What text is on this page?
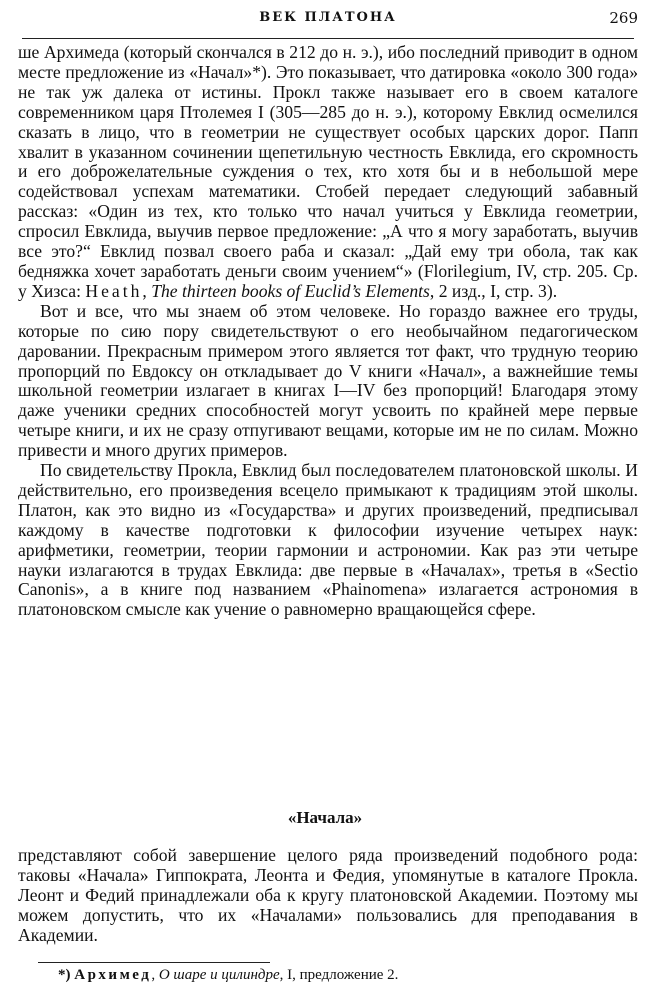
ВЕК ПЛАТОНА	269

ше Архимеда (который скончался в 212 до н. э.), ибо последний приводит в одном месте предложение из «Начал»*). Это показывает, что датировка «около 300 года» не так уж далека от истины. Прокл также называет его в своем каталоге современником царя Птолемея I (305—285 до н. э.), которому Евклид осмелился сказать в лицо, что в геометрии не существует особых царских дорог. Папп хвалит в указанном сочинении щепетильную честность Евклида, его скромность и его доброжелательные суждения о тех, кто хотя бы и в небольшой мере содействовал успехам математики. Стобей передает следующий забавный рассказ: «Один из тех, кто только что начал учиться у Евклида геометрии, спросил Евклида, выучив первое предложение: „А что я могу заработать, выучив все это?“ Евклид позвал своего раба и сказал: „Дай ему три обола, так как бедняжка хочет заработать деньги своим учением“» (Florilegium, IV, стр. 205. Ср. у Хизса: Heath, The thirteen books of Euclid’s Elements, 2 изд., I, стр. 3).

Вот и все, что мы знаем об этом человеке. Но гораздо важнее его труды, которые по сию пору свидетельствуют о его необычайном педагогическом даровании. Прекрасным примером этого является тот факт, что трудную теорию пропорций по Евдоксу он откладывает до V книги «Начал», а важнейшие темы школьной геометрии излагает в книгах I—IV без пропорций! Благодаря этому даже ученики средних способностей могут усвоить по крайней мере первые четыре книги, и их не сразу отпугивают вещами, которые им не по силам. Можно привести и много других примеров.

По свидетельству Прокла, Евклид был последователем платоновской школы. И действительно, его произведения всецело примыкают к традициям этой школы. Платон, как это видно из «Государства» и других произведений, предписывал каждому в качестве подготовки к философии изучение четырех наук: арифметики, геометрии, теории гармонии и астрономии. Как раз эти четыре науки излагаются в трудах Евклида: две первые в «Началах», третья в «Sectio Canonis», а в книге под названием «Phainomena» излагается астрономия в платоновском смысле как учение о равномерно вращающейся сфере.

«Начала»

представляют собой завершение целого ряда произведений подобного рода: таковы «Начала» Гиппократа, Леонта и Федия, упомянутые в каталоге Прокла. Леонт и Федий принадлежали оба к кругу платоновской Академии. Поэтому мы можем допустить, что их «Началами» пользовались для преподавания в Академии.

*) Архимед, О шаре и цилиндре, I, предложение 2.
